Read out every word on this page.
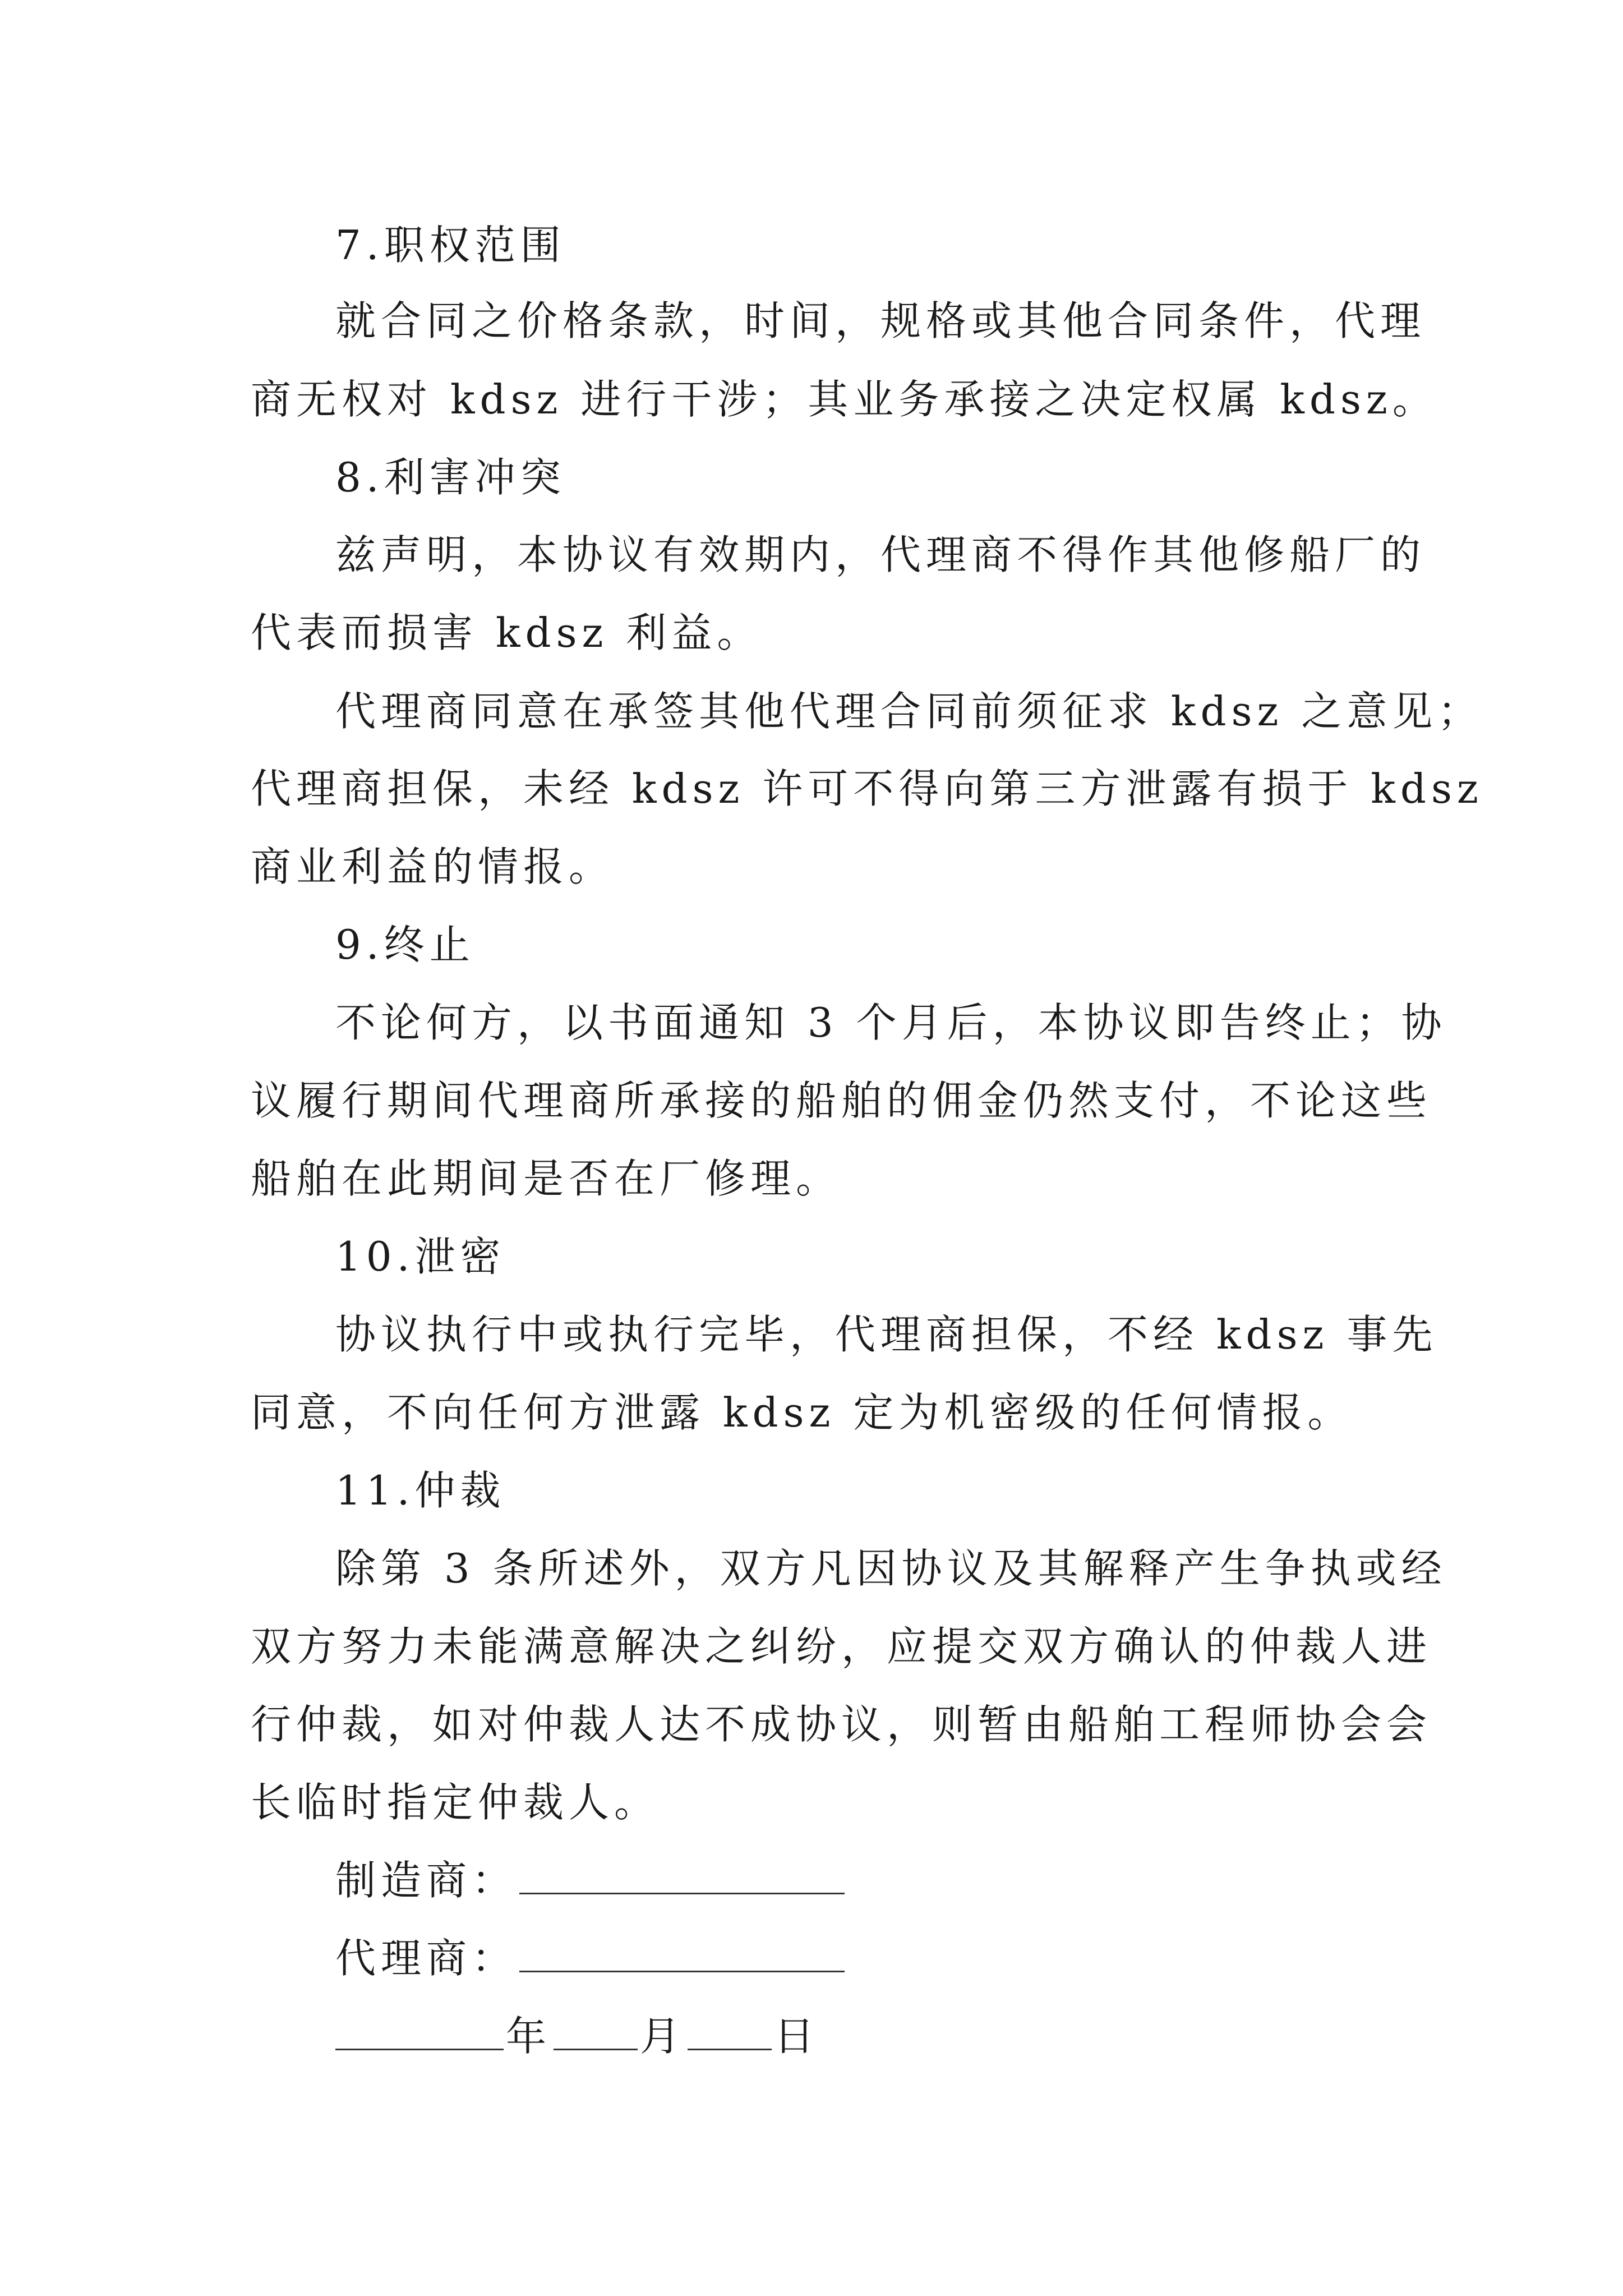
7.职权范围
就合同之价格条款，时间，规格或其他合同条件，代理
商无权对 kdsz 进行干涉；其业务承接之决定权属 kdsz。
8.利害冲突
兹声明，本协议有效期内，代理商不得作其他修船厂的
代表而损害 kdsz 利益。
代理商同意在承签其他代理合同前须征求 kdsz 之意见；
代理商担保，未经 kdsz 许可不得向第三方泄露有损于 kdsz
商业利益的情报。
9.终止
不论何方，以书面通知 3 个月后，本协议即告终止；协
议履行期间代理商所承接的船舶的佣金仍然支付，不论这些
船舶在此期间是否在厂修理。
10.泄密
协议执行中或执行完毕，代理商担保，不经 kdsz 事先
同意，不向任何方泄露 kdsz 定为机密级的任何情报。
11.仲裁
除第 3 条所述外，双方凡因协议及其解释产生争执或经
双方努力未能满意解决之纠纷，应提交双方确认的仲裁人进
行仲裁，如对仲裁人达不成协议，则暂由船舶工程师协会会
长临时指定仲裁人。
制造商：
代理商：
年 月 日
